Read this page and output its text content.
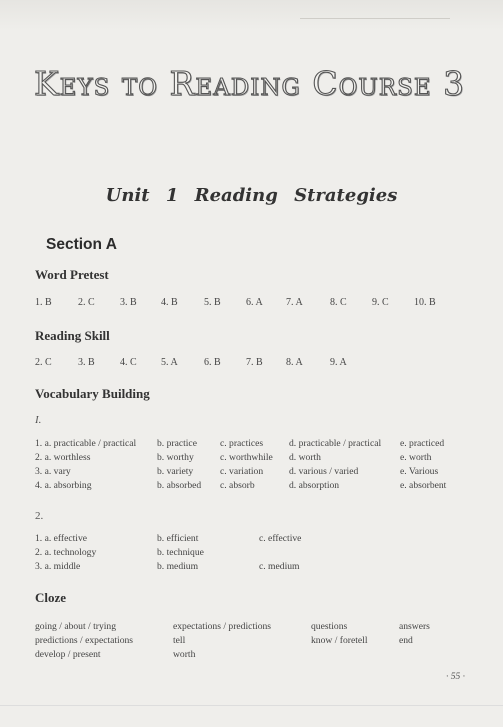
Keys to Reading Course 3
Unit 1 Reading Strategies
Section A
Word Pretest
1. B	2. C	3. B 4. B	5. B	6. A 7. A	8. C	9. C	10. B
Reading Skill
2. C	3. B	4. C 5. A	6. B	7. B 8. A	9. A
Vocabulary Building
I.
1. a. practicable / practical b. practice c. practices	d. practicable / practical e. practiced
2. a. worthless	b. worthy	c. worthwhile d. worth	e. worth
3. a. vary	b. variety	c. variation	d. various / varied	e. Various
4. a. absorbing	b. absorbed c. absorb	d. absorption	e. absorbent
2.
1. a. effective	b. efficient	c. effective
2. a. technology	b. technique
3. a. middle	b. medium	c. medium
Cloze
going / about / trying	expectations / predictions	questions	answers
predictions / expectations	tell	know / foretell	end
develop / present	worth
· 55 ·
